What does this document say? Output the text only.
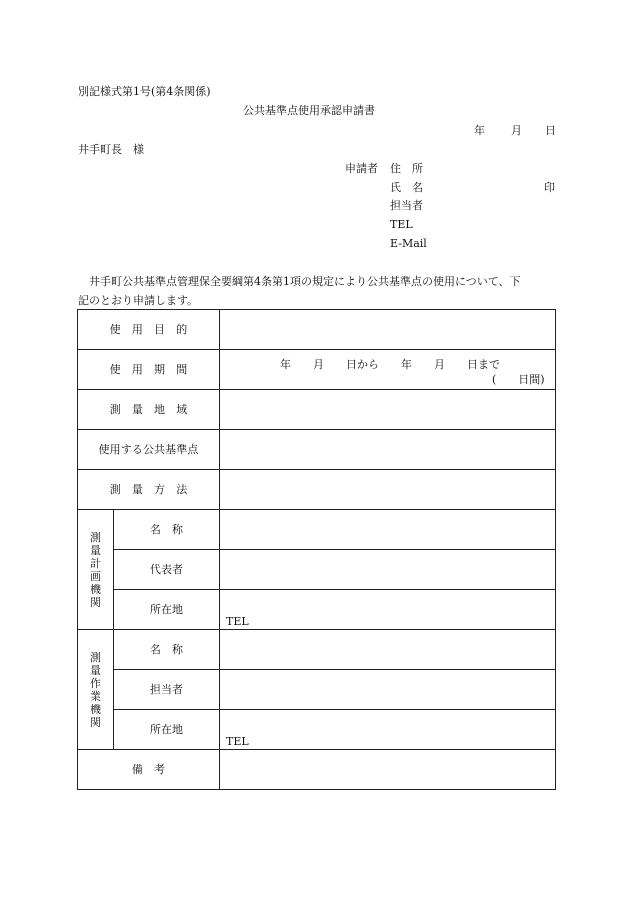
別記様式第1号(第4条関係)
公共基準点使用承認申請書
年 月 日
井手町長　様
申請者 住　所
氏　名	印
担当者
TEL
E-Mail
井手町公共基準点管理保全要綱第4条第1項の規定により公共基準点の使用について、下
記のとおり申請します。
使　用　目　的		
使　用　期　間		年　　月　　日から　　年　　月　　日まで
(　　日間)

測　量　地　域		
使用する公共基準点		
測　量　方　法		
測量計画機関	名　称	
	代表者	
	所在地	TEL

測量作業機関	名　称	
	担当者	
	所在地	TEL

備　考		
